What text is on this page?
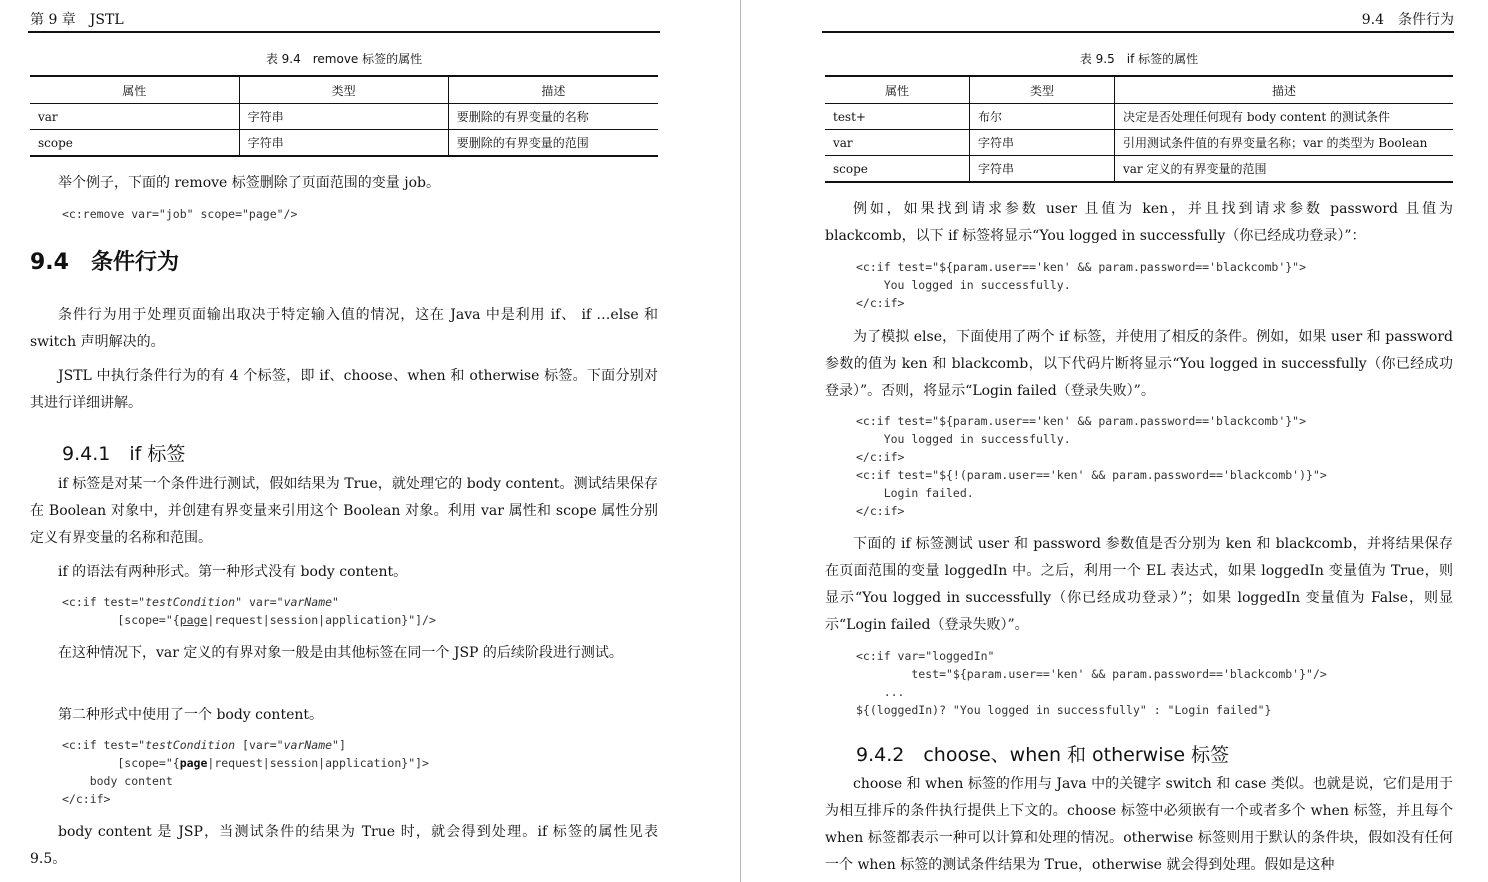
第 9 章　JSTL
表 9.4　remove 标签的属性
属性	类型	描述
var	字符串	要删除的有界变量的名称
scope	字符串	要删除的有界变量的范围

举个例子，下面的 remove 标签删除了页面范围的变量 job。

<c:remove var="job" scope="page"/>
9.4　条件行为

条件行为用于处理页面输出取决于特定输入值的情况，这在 Java 中是利用 if、 if …else 和 switch 声明解决的。

JSTL 中执行条件行为的有 4 个标签，即 if、choose、when 和 otherwise 标签。下面分别对其进行详细讲解。

9.4.1　if 标签

if 标签是对某一个条件进行测试，假如结果为 True，就处理它的 body content。测试结果保存在 Boolean 对象中，并创建有界变量来引用这个 Boolean 对象。利用 var 属性和 scope 属性分别定义有界变量的名称和范围。

if 的语法有两种形式。第一种形式没有 body content。

<c:if test="testCondition" var="varName"
[scope="{page|request|session|application}"]/>

在这种情况下，var 定义的有界对象一般是由其他标签在同一个 JSP 的后续阶段进行测试。

第二种形式中使用了一个 body content。

<c:if test="testCondition [var="varName"]
[scope="{page|request|session|application}"]>
body content
</c:if>

body content 是 JSP，当测试条件的结果为 True 时，就会得到处理。if 标签的属性见表 9.5。

9.4　条件行为
表 9.5　if 标签的属性
属性	类型	描述
test+	布尔	决定是否处理任何现有 body content 的测试条件
var	字符串	引用测试条件值的有界变量名称；var 的类型为 Boolean
scope	字符串	var 定义的有界变量的范围

例如，如果找到请求参数 user 且值为 ken，并且找到请求参数 password 且值为 blackcomb，以下 if 标签将显示“You logged in successfully（你已经成功登录）”：

<c:if test="${param.user=='ken' && param.password=='blackcomb'}">
You logged in successfully.
</c:if>

为了模拟 else，下面使用了两个 if 标签，并使用了相反的条件。例如，如果 user 和 password 参数的值为 ken 和 blackcomb，以下代码片断将显示“You logged in successfully（你已经成功登录）”。否则，将显示“Login failed（登录失败）”。

<c:if test="${param.user=='ken' && param.password=='blackcomb'}">
You logged in successfully.
</c:if>
<c:if test="${!(param.user=='ken' && param.password=='blackcomb')}">
Login failed.
</c:if>

下面的 if 标签测试 user 和 password 参数值是否分别为 ken 和 blackcomb，并将结果保存在页面范围的变量 loggedIn 中。之后，利用一个 EL 表达式，如果 loggedIn 变量值为 True，则显示“You logged in successfully（你已经成功登录）”；如果 loggedIn 变量值为 False，则显示“Login failed（登录失败）”。

<c:if var="loggedIn"
test="${param.user=='ken' && param.password=='blackcomb'}"/>
...
${(loggedIn)? "You logged in successfully" : "Login failed"}
9.4.2　choose、when 和 otherwise 标签

choose 和 when 标签的作用与 Java 中的关键字 switch 和 case 类似。也就是说，它们是用于为相互排斥的条件执行提供上下文的。choose 标签中必须嵌有一个或者多个 when 标签，并且每个 when 标签都表示一种可以计算和处理的情况。otherwise 标签则用于默认的条件块，假如没有任何一个 when 标签的测试条件结果为 True，otherwise 就会得到处理。假如是这种
